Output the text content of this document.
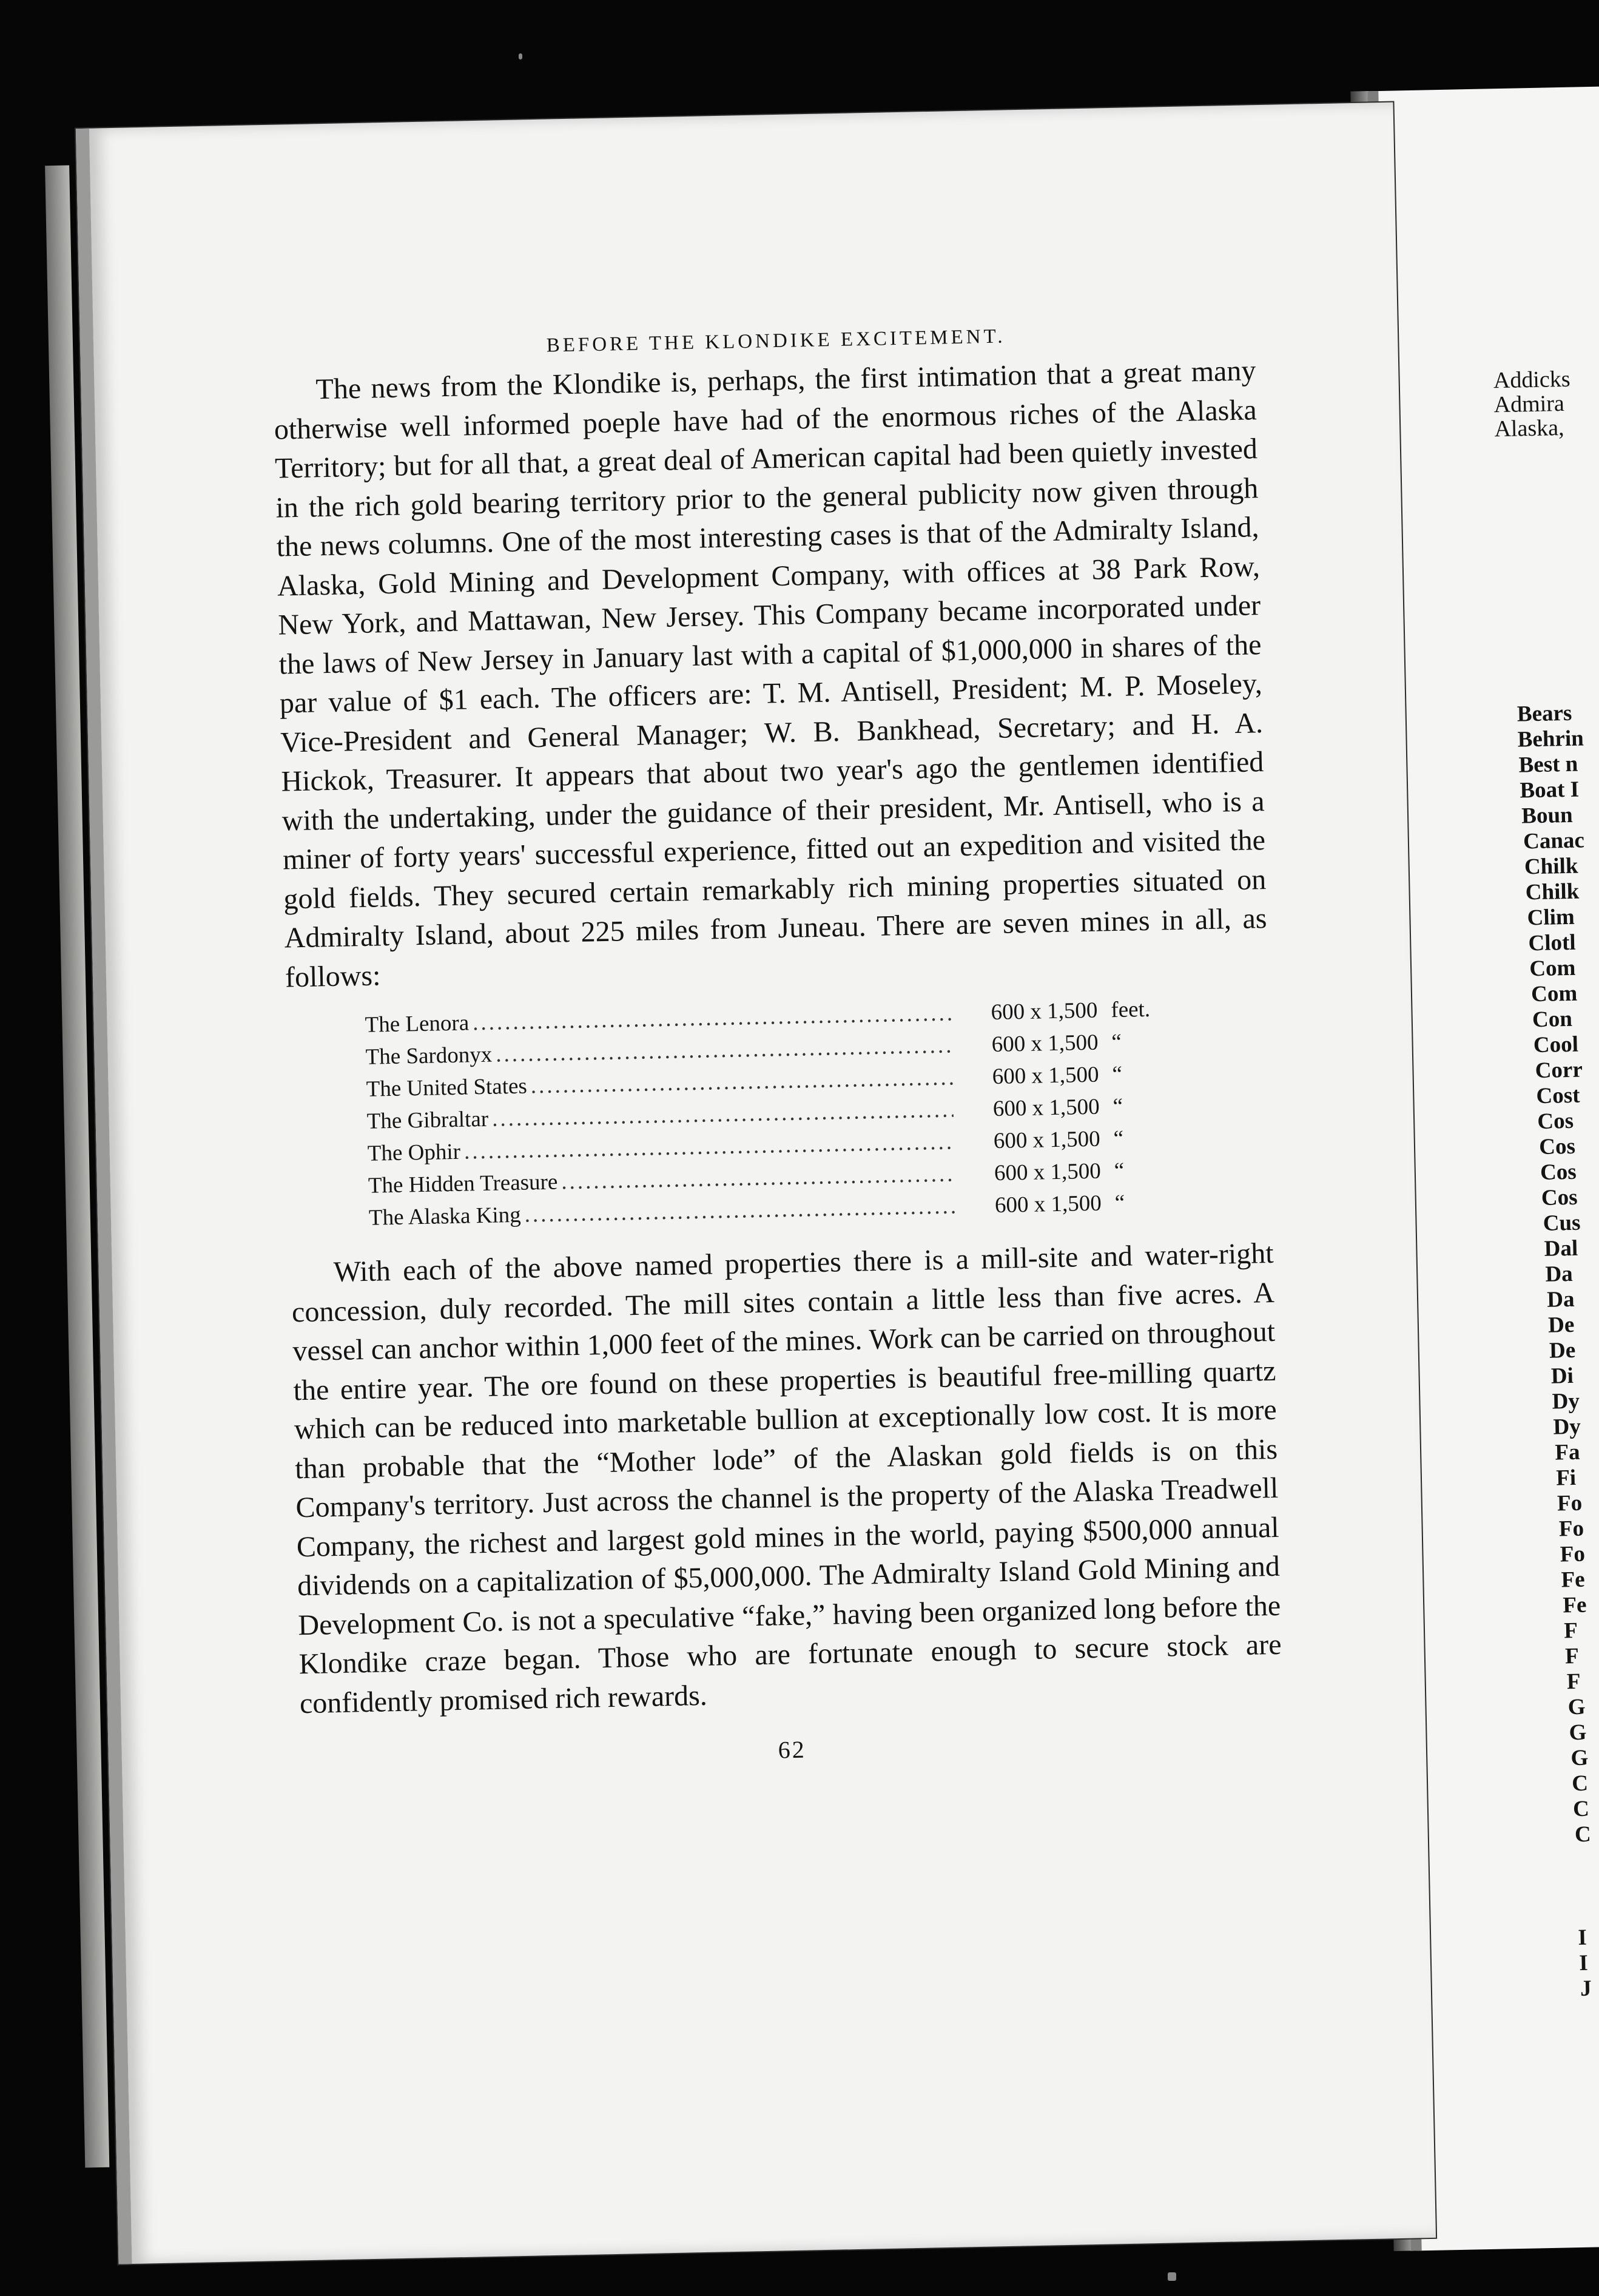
Addicks
Admira
Alaska,
Bears
Behrin
Best n
Boat I
Boun
Canac
Chilk
Chilk
Clim
Clotl
Com
Com
Con
Cool
Corr
Cost
Cos
Cos
Cos
Cos
Cus
Dal
Da
Da
De
De
Di
Dy
Dy
Fa
Fi
Fo
Fo
Fo
Fe
Fe
F
F
F
G
G
G
C
C
C
I
I
J
BEFORE THE KLONDIKE EXCITEMENT.

The news from the Klondike is, perhaps, the first intimation that a great many otherwise well informed poeple have had of the enormous riches of the Alaska Territory; but for all that, a great deal of American capital had been quietly invested in the rich gold bearing territory prior to the general publicity now given through the news columns. One of the most interesting cases is that of the Admiralty Island, Alaska, Gold Mining and Development Company, with offices at 38 Park Row, New York, and Mattawan, New Jersey. This Company became incorporated under the laws of New Jersey in January last with a capital of $1,000,000 in shares of the par value of $1 each. The officers are: T. M. Antisell, President; M. P. Moseley, Vice-President and General Manager; W. B. Bankhead, Secretary; and H. A. Hickok, Treasurer. It appears that about two year's ago the gentlemen identified with the undertaking, under the guidance of their president, Mr. Antisell, who is a miner of forty years' successful experience, fitted out an expedition and visited the gold fields. They secured certain remarkably rich mining properties situated on Admiralty Island, about 225 miles from Juneau. There are seven mines in all, as follows:

The Lenora .....	600 x 1,500 feet.
The Sardonyx .....	600 x 1,500 “
The United States .....	600 x 1,500 “
The Gibraltar .....	600 x 1,500 “
The Ophir .....	600 x 1,500 “
The Hidden Treasure .....	600 x 1,500 “
The Alaska King .....	600 x 1,500 “

With each of the above named properties there is a mill-site and water-right concession, duly recorded. The mill sites contain a little less than five acres. A vessel can anchor within 1,000 feet of the mines. Work can be carried on throughout the entire year. The ore found on these properties is beautiful free-milling quartz which can be reduced into marketable bullion at exceptionally low cost. It is more than probable that the “Mother lode” of the Alaskan gold fields is on this Company's territory. Just across the channel is the property of the Alaska Treadwell Company, the richest and largest gold mines in the world, paying $500,000 annual dividends on a capitalization of $5,000,000. The Admiralty Island Gold Mining and Development Co. is not a speculative “fake,” having been organized long before the Klondike craze began. Those who are fortunate enough to secure stock are confidently promised rich rewards.

62
